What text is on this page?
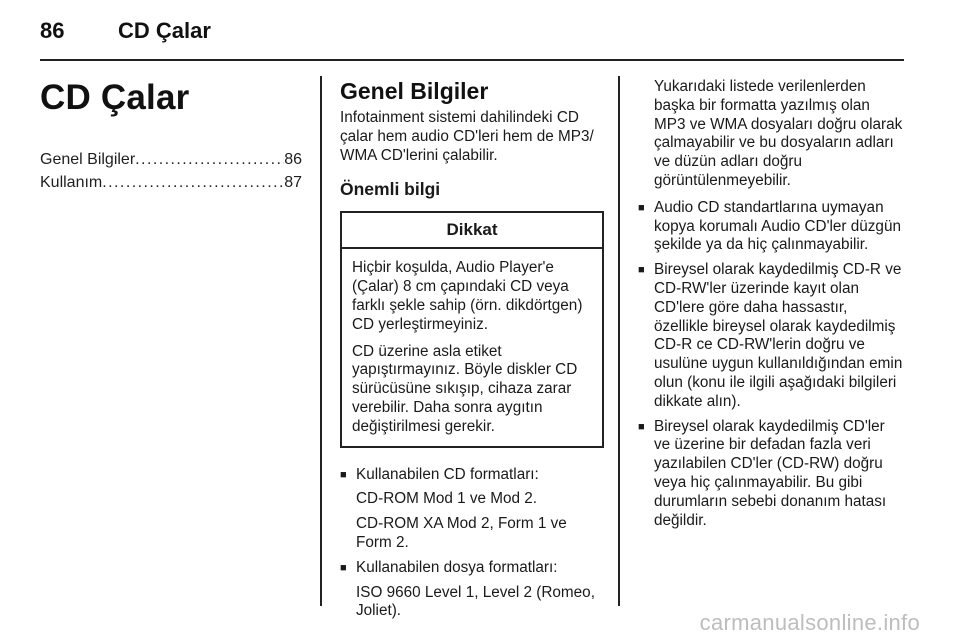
86 CD Çalar
CD Çalar
Genel Bilgiler . . .	86
Kullanım . . .	87
Genel Bilgiler

Infotainment sistemi dahilindeki CD çalar hem audio CD'leri hem de MP3/ WMA CD'lerini çalabilir.

Önemli bilgi
Dikkat

Hiçbir koşulda, Audio Player'e (Çalar) 8 cm çapındaki CD veya farklı şekle sahip (örn. dikdörtgen) CD yerleştirmeyiniz.

CD üzerine asla etiket yapıştırmayınız. Böyle diskler CD sürücüsüne sıkışıp, cihaza zarar verebilir. Daha sonra aygıtın değiştirilmesi gerekir.

■ Kullanabilen CD formatları:
CD-ROM Mod 1 ve Mod 2.
CD-ROM XA Mod 2, Form 1 ve Form 2.
■ Kullanabilen dosya formatları:
ISO 9660 Level 1, Level 2 (Romeo, Joliet).

Yukarıdaki listede verilenlerden başka bir formatta yazılmış olan MP3 ve WMA dosyaları doğru olarak çalmayabilir ve bu dosyaların adları ve düzün adları doğru görüntülenmeyebilir.

■ Audio CD standartlarına uymayan kopya korumalı Audio CD'ler düzgün şekilde ya da hiç çalınmayabilir.
■ Bireysel olarak kaydedilmiş CD-R ve CD-RW'ler üzerinde kayıt olan CD'lere göre daha hassastır, özellikle bireysel olarak kaydedilmiş CD-R ce CD-RW'lerin doğru ve usulüne uygun kullanıldığından emin olun (konu ile ilgili aşağıdaki bilgileri dikkate alın).
■ Bireysel olarak kaydedilmiş CD'ler ve üzerine bir defadan fazla veri yazılabilen CD'ler (CD-RW) doğru veya hiç çalınmayabilir. Bu gibi durumların sebebi donanım hatası değildir.
carmanualsonline.info
